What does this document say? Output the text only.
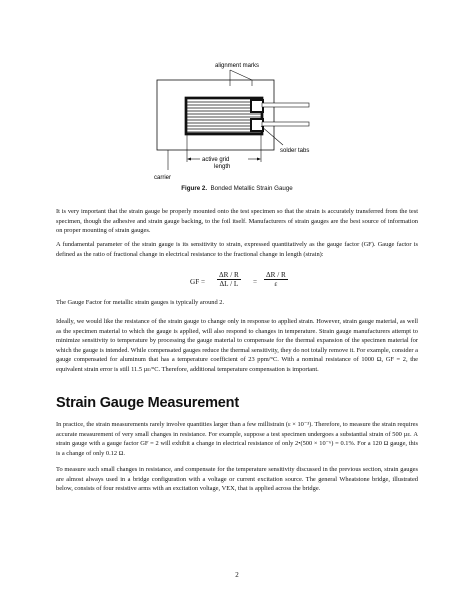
alignment marks
solder tabs
active grid
length
carrier
Figure 2. Bonded Metallic Strain Gauge
It is very important that the strain gauge be properly mounted onto the test specimen so that the strain is accurately transferred from the test specimen, though the adhesive and strain gauge backing, to the foil itself. Manufacturers of strain gauges are the best source of information on proper mounting of strain gauges.
A fundamental parameter of the strain gauge is its sensitivity to strain, expressed quantitatively as the gauge factor (GF). Gauge factor is defined as the ratio of fractional change in electrical resistance to the fractional change in length (strain):
GF = $\frac{\Delta R / R}{\Delta L / L} = \frac{\Delta R / R}{\varepsilon}$
The Gauge Factor for metallic strain gauges is typically around 2.
Ideally, we would like the resistance of the strain gauge to change only in response to applied strain. However, strain gauge material, as well as the specimen material to which the gauge is applied, will also respond to changes in temperature. Strain gauge manufacturers attempt to minimize sensitivity to temperature by processing the gauge material to compensate for the thermal expansion of the specimen material for which the gauge is intended. While compensated gauges reduce the thermal sensitivity, they do not totally remove it. For example, consider a gauge compensated for aluminum that has a temperature coefficient of 23 ppm/°C. With a nominal resistance of 1000 Ω, GF = 2, the equivalent strain error is still 11.5 µε/°C. Therefore, additional temperature compensation is important.
Strain Gauge Measurement
In practice, the strain measurements rarely involve quantities larger than a few millistrain (ε × 10⁻³). Therefore, to measure the strain requires accurate measurement of very small changes in resistance. For example, suppose a test specimen undergoes a substantial strain of 500 µε. A strain gauge with a gauge factor GF = 2 will exhibit a change in electrical resistance of only 2•(500 × 10⁻⁶) = 0.1%. For a 120 Ω gauge, this is a change of only 0.12 Ω.
To measure such small changes in resistance, and compensate for the temperature sensitivity discussed in the previous section, strain gauges are almost always used in a bridge configuration with a voltage or current excitation source. The general Wheatstone bridge, illustrated below, consists of four resistive arms with an excitation voltage, VEX, that is applied across the bridge.
2
